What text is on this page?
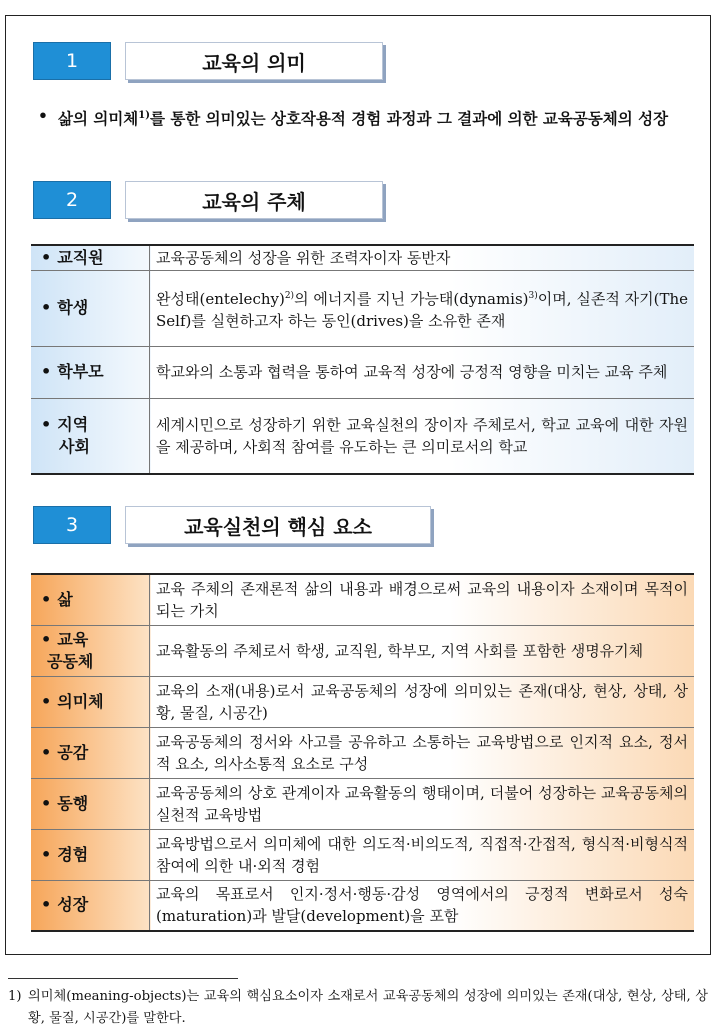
1	교육의 의미
• 삶의 의미체$^{1)}$를 통한 의미있는 상호작용적 경험 과정과 그 결과에 의한 교육공동체의 성장
2	교육의 주체
• 교직원	교육공동체의 성장을 위한 조력자이자 동반자
• 학생	완성태(entelechy)$^{2)}$의 에너지를 지닌 가능태(dynamis)$^{3)}$이며, 실존적 자기(The Self)를 실현하고자 하는 동인(drives)을 소유한 존재
• 학부모	학교와의 소통과 협력을 통하여 교육적 성장에 긍정적 영향을 미치는 교육 주체
• 지역
사회	세계시민으로 성장하기 위한 교육실천의 장이자 주체로서, 학교 교육에 대한 자원을 제공하며, 사회적 참여를 유도하는 큰 의미로서의 학교
3	교육실천의 핵심 요소
• 삶	교육 주체의 존재론적 삶의 내용과 배경으로써 교육의 내용이자 소재이며 목적이 되는 가치
• 교육
공동체	교육활동의 주체로서 학생, 교직원, 학부모, 지역 사회를 포함한 생명유기체
• 의미체	교육의 소재(내용)로서 교육공동체의 성장에 의미있는 존재(대상, 현상, 상태, 상황, 물질, 시공간)
• 공감	교육공동체의 정서와 사고를 공유하고 소통하는 교육방법으로 인지적 요소, 정서적 요소, 의사소통적 요소로 구성
• 동행	교육공동체의 상호 관계이자 교육활동의 행태이며, 더불어 성장하는 교육공동체의 실천적 교육방법
• 경험	교육방법으로서 의미체에 대한 의도적·비의도적, 직접적·간접적, 형식적·비형식적 참여에 의한 내·외적 경험
• 성장	교육의 목표로서 인지·정서·행동·감성 영역에서의 긍정적 변화로서 성숙(maturation)과 발달(development)을 포함
1) 의미체(meaning-objects)는 교육의 핵심요소이자 소재로서 교육공동체의 성장에 의미있는 존재(대상, 현상, 상태, 상황, 물질, 시공간)를 말한다.
